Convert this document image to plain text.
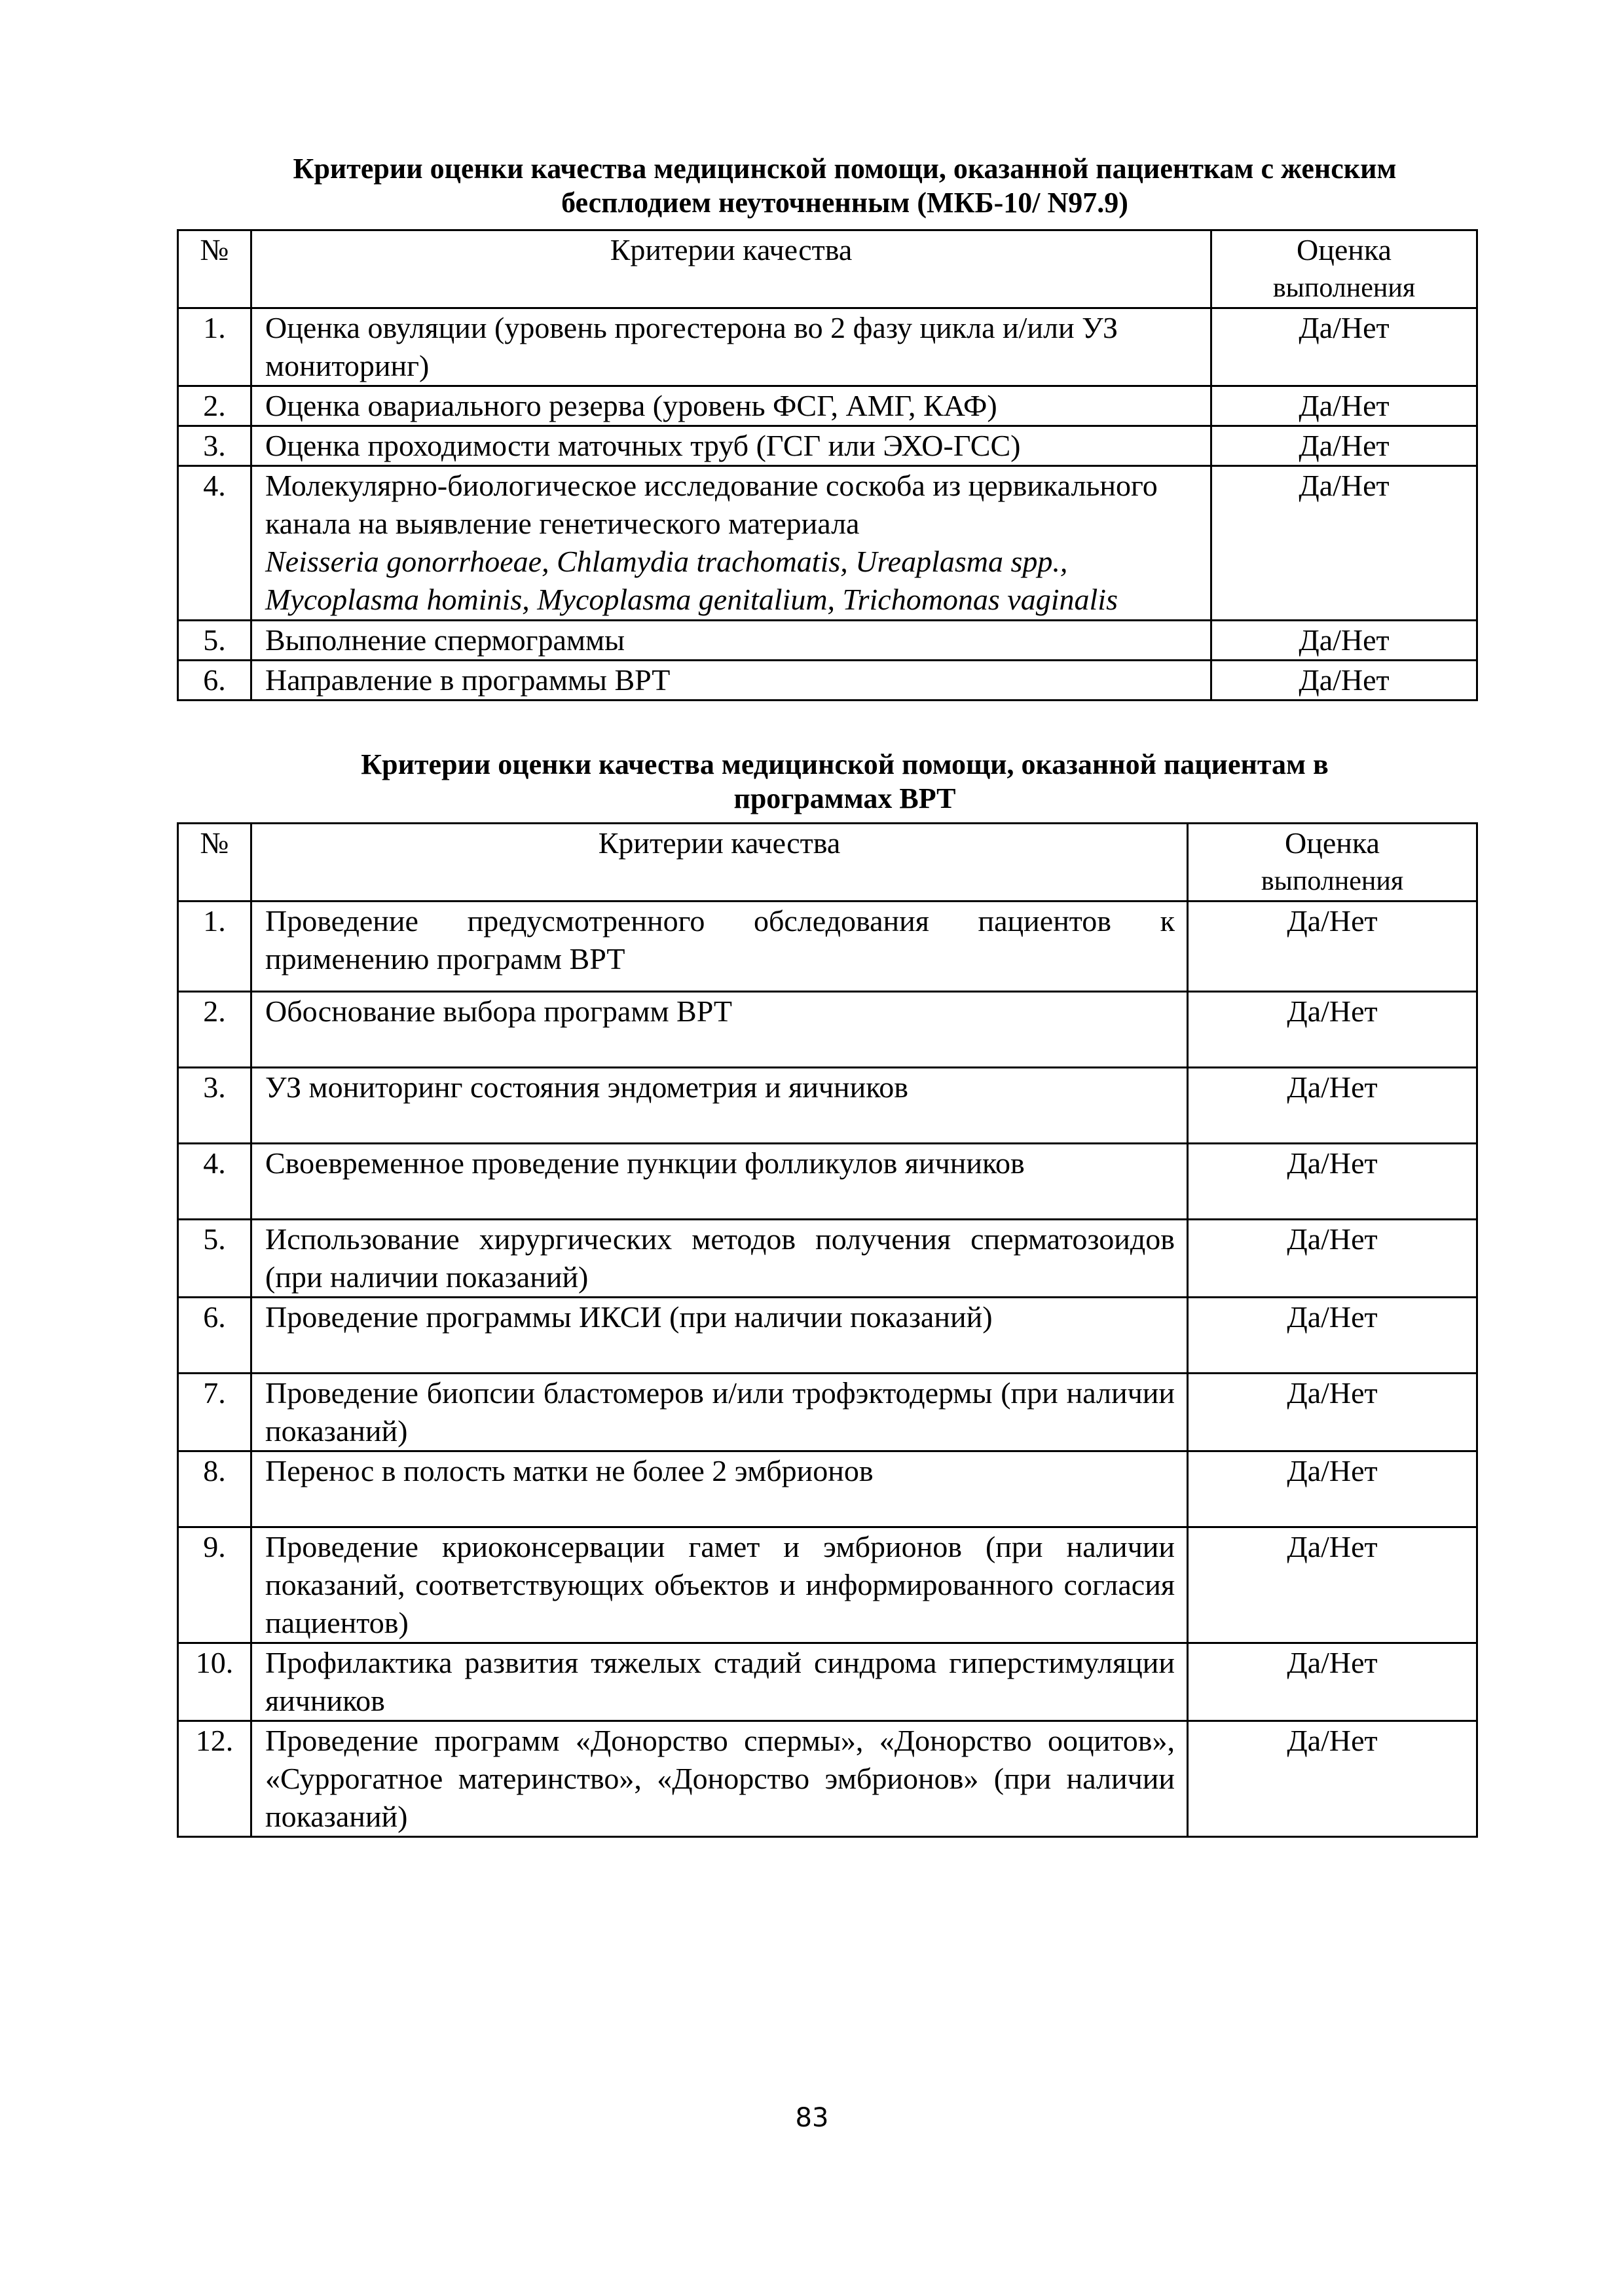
Критерии оценки качества медицинской помощи, оказанной пациенткам с женским
бесплодием неуточненным (МКБ-10/ N97.9)
№	Критерии качества	Оценка
выполнения

1.	Оценка овуляции (уровень прогестерона во 2 фазу цикла и/или УЗ мониторинг)	Да/Нет
2.	Оценка овариального резерва (уровень ФСГ, АМГ, КАФ)	Да/Нет
3.	Оценка проходимости маточных труб (ГСГ или ЭХО-ГСС)	Да/Нет
4.	Молекулярно-биологическое исследование соскоба из цервикального канала на выявление генетического материала
Neisseria gonorrhoeae, Chlamydia trachomatis, Ureaplasma spp.,
Mycoplasma hominis, Mycoplasma genitalium, Trichomonas vaginalis	Да/Нет
5.	Выполнение спермограммы	Да/Нет
6.	Направление в программы ВРТ	Да/Нет
Критерии оценки качества медицинской помощи, оказанной пациентам в
программах ВРТ
№	Критерии качества	Оценка
выполнения

1.	Проведение предусмотренного обследования пациентов к применению программ ВРТ	Да/Нет
2.	Обоснование выбора программ ВРТ	Да/Нет
3.	УЗ мониторинг состояния эндометрия и яичников	Да/Нет
4.	Своевременное проведение пункции фолликулов яичников	Да/Нет
5.	Использование хирургических методов получения сперматозоидов (при наличии показаний)	Да/Нет
6.	Проведение программы ИКСИ (при наличии показаний)	Да/Нет
7.	Проведение биопсии бластомеров и/или трофэктодермы (при наличии показаний)	Да/Нет
8.	Перенос в полость матки не более 2 эмбрионов	Да/Нет
9.	Проведение криоконсервации гамет и эмбрионов (при наличии показаний, соответствующих объектов и информированного согласия пациентов)	Да/Нет
10.	Профилактика развития тяжелых стадий синдрома гиперстимуляции яичников	Да/Нет
12.	Проведение программ «Донорство спермы», «Донорство ооцитов», «Суррогатное материнство», «Донорство эмбрионов» (при наличии показаний)	Да/Нет
83
